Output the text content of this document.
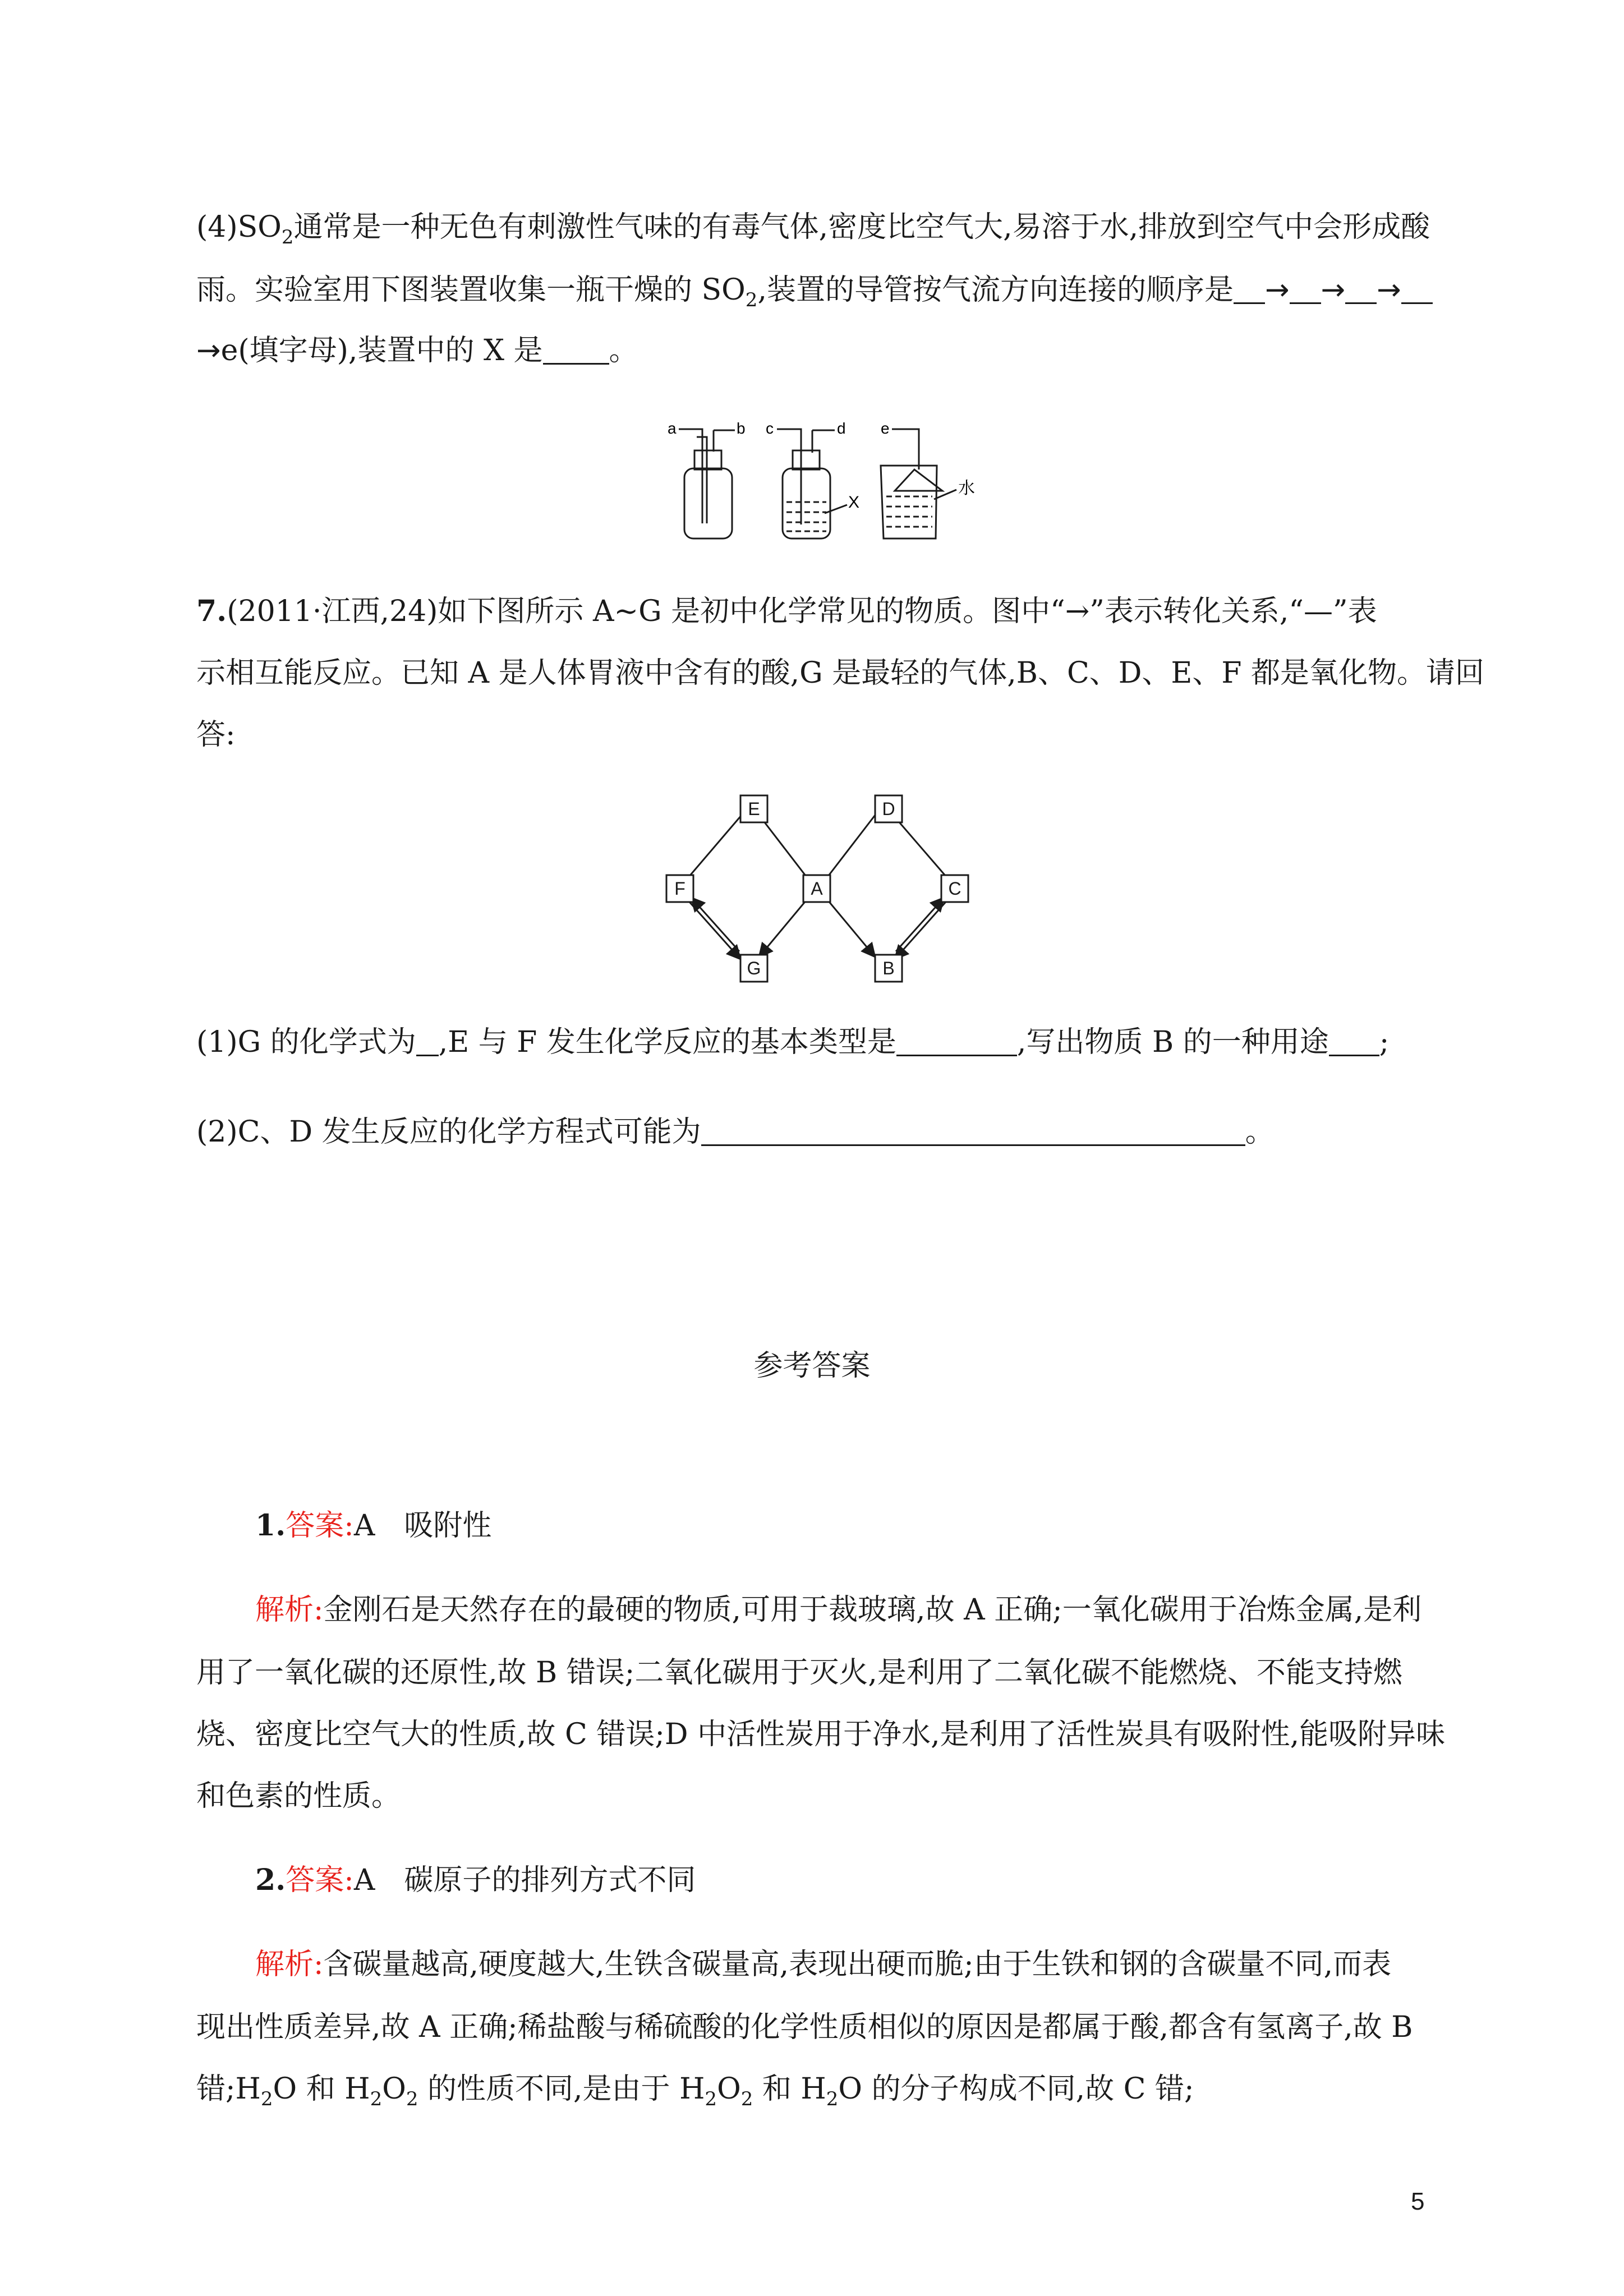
$(4)SO_2$通常是一种无色有刺激性气味的有毒气体,密度比空气大,易溶于水,排放到空气中会形成酸
雨。实验室用下图装置收集一瓶干燥的 $SO_2$,装置的导管按气流方向连接的顺序是 → → →
→e(填字母),装置中的 X 是 。
a	b c	d e
X
水
7.(2011·江西,24)如下图所示 A~G 是初中化学常见的物质。图中“→”表示转化关系,“—”表
示相互能反应。已知 A 是人体胃液中含有的酸,G 是最轻的气体,B、C、D、E、F 都是氧化物。请回
答:
E	D
F	A	C
G	B
(1)G 的化学式为 ,E 与 F 发生化学反应的基本类型是	,写出物质 B 的一种用途 ;
(2)C、D 发生反应的化学方程式可能为	。
参考答案
1.答案:A　吸附性
解析:金刚石是天然存在的最硬的物质,可用于裁玻璃,故 A 正确;一氧化碳用于冶炼金属,是利
用了一氧化碳的还原性,故 B 错误;二氧化碳用于灭火,是利用了二氧化碳不能燃烧、不能支持燃
烧、密度比空气大的性质,故 C 错误;D 中活性炭用于净水,是利用了活性炭具有吸附性,能吸附异味
和色素的性质。
2.答案:A　碳原子的排列方式不同
解析:含碳量越高,硬度越大,生铁含碳量高,表现出硬而脆;由于生铁和钢的含碳量不同,而表
现出性质差异,故 A 正确;稀盐酸与稀硫酸的化学性质相似的原因是都属于酸,都含有氢离子,故 B
错$;H_2O$ 和 $H_2O_2$ 的性质不同,是由于 $H_2O_2$ 和 $H_2O$ 的分子构成不同,故 C 错;
5
